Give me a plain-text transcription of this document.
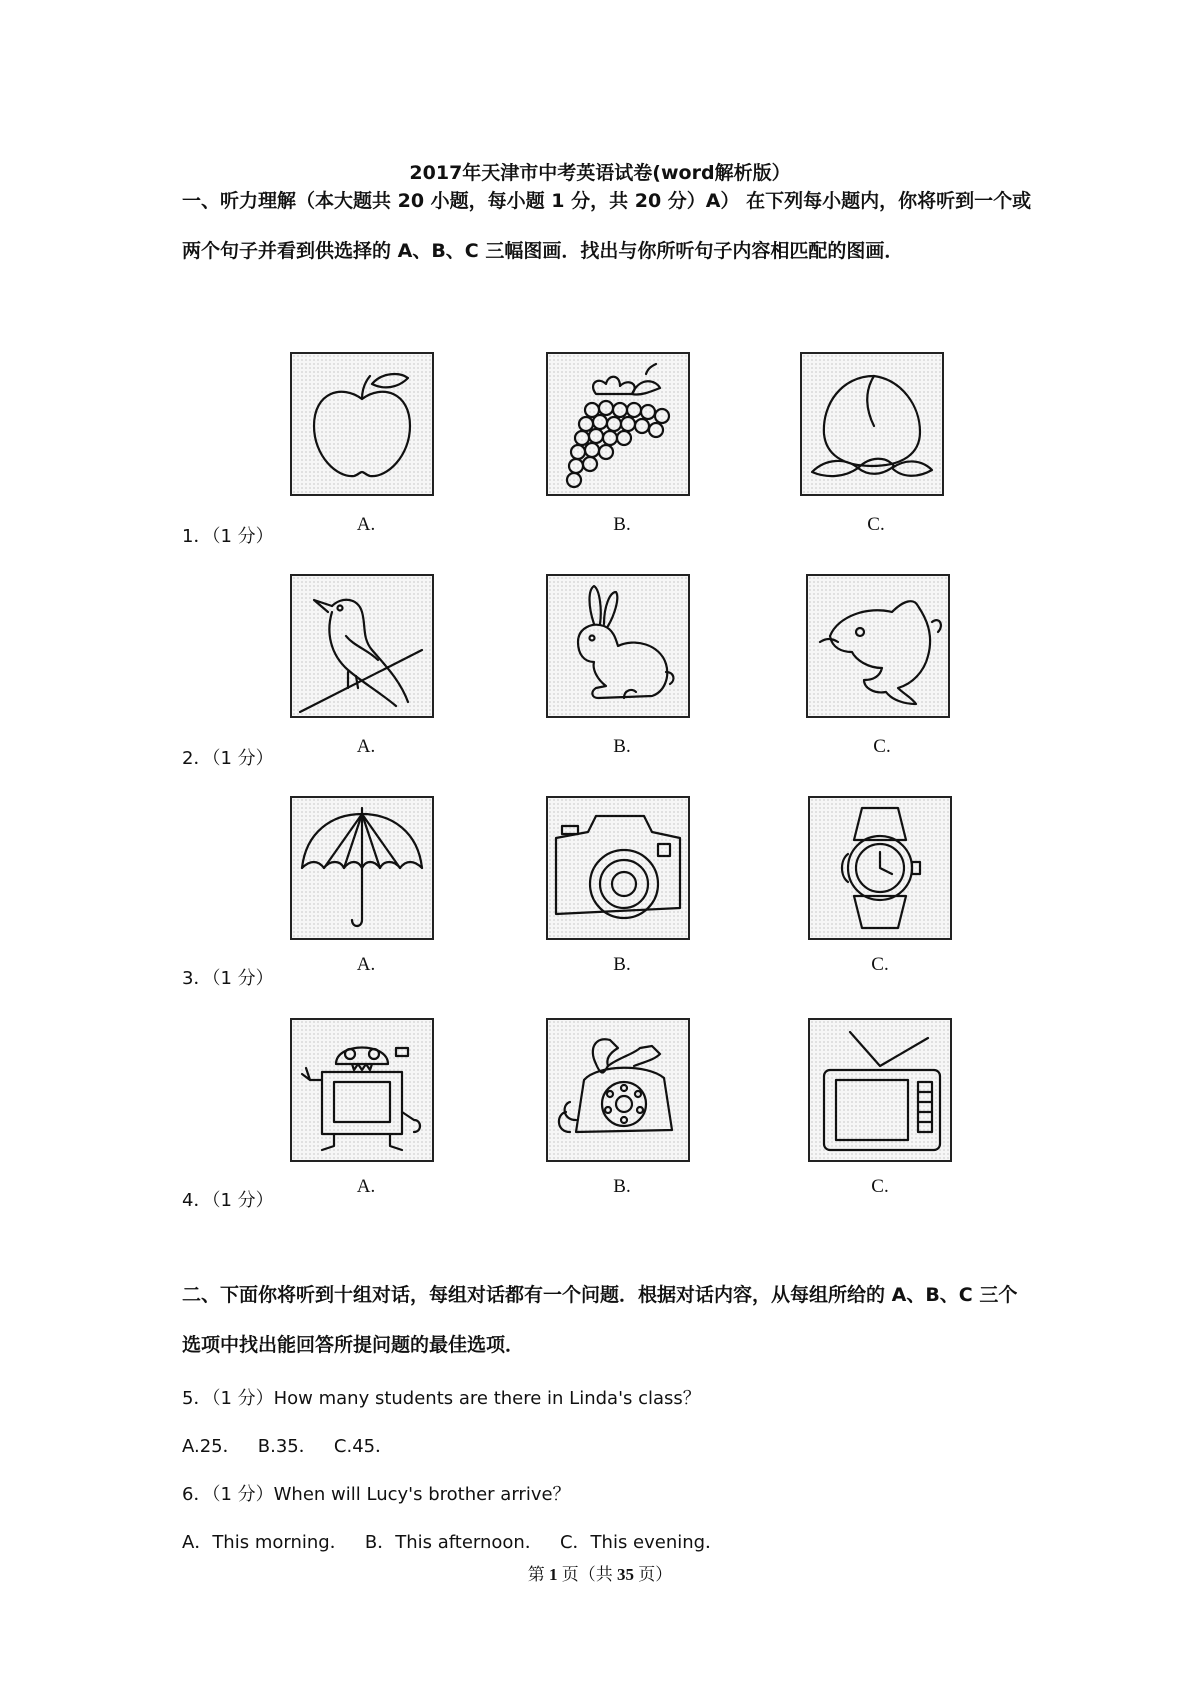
2017年天津市中考英语试卷(word解析版）
一、听力理解（本大题共 20 小题，每小题 1 分，共 20 分）A） 在下列每小题内，你将听到一个或两个句子并看到供选择的 A、B、C 三幅图画．找出与你所听句子内容相匹配的图画．
1．（1 分）
A.	B.	C.
2．（1 分）
A.	B.	C.
3．（1 分）
A.	B.	C.
4．（1 分）
A.	B.	C.
二、下面你将听到十组对话，每组对话都有一个问题．根据对话内容，从每组所给的 A、B、C 三个选项中找出能回答所提问题的最佳选项．
5．（1 分）How many students are there in Linda's class？
A.25．   B.35．   C.45．
6．（1 分）When will Lucy's brother arrive？
A．This morning．   B．This afternoon．   C．This evening．
第 1 页（共 35 页）
